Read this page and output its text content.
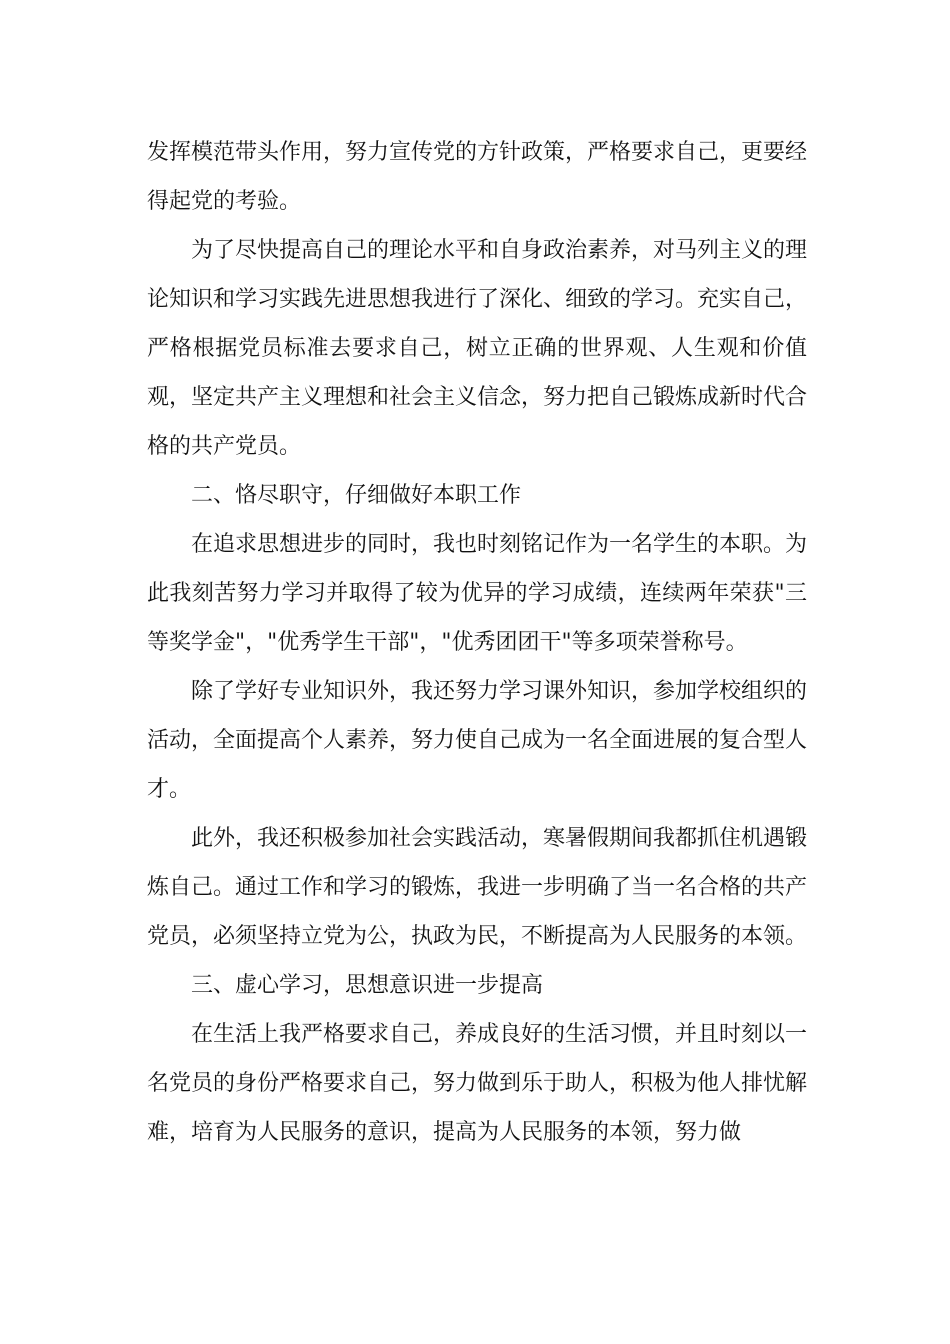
发挥模范带头作用，努力宣传党的方针政策，严格要求自己，更要经得起党的考验。

为了尽快提高自己的理论水平和自身政治素养，对马列主义的理论知识和学习实践先进思想我进行了深化、细致的学习。充实自己，严格根据党员标准去要求自己，树立正确的世界观、人生观和价值观，坚定共产主义理想和社会主义信念，努力把自己锻炼成新时代合格的共产党员。

二、恪尽职守，仔细做好本职工作

在追求思想进步的同时，我也时刻铭记作为一名学生的本职。为此我刻苦努力学习并取得了较为优异的学习成绩，连续两年荣获"三等奖学金"，"优秀学生干部"，"优秀团团干"等多项荣誉称号。

除了学好专业知识外，我还努力学习课外知识，参加学校组织的活动，全面提高个人素养，努力使自己成为一名全面进展的复合型人才。

此外，我还积极参加社会实践活动，寒暑假期间我都抓住机遇锻炼自己。通过工作和学习的锻炼，我进一步明确了当一名合格的共产党员，必须坚持立党为公，执政为民，不断提高为人民服务的本领。

三、虚心学习，思想意识进一步提高

在生活上我严格要求自己，养成良好的生活习惯，并且时刻以一名党员的身份严格要求自己，努力做到乐于助人，积极为他人排忧解难，培育为人民服务的意识，提高为人民服务的本领，努力做
